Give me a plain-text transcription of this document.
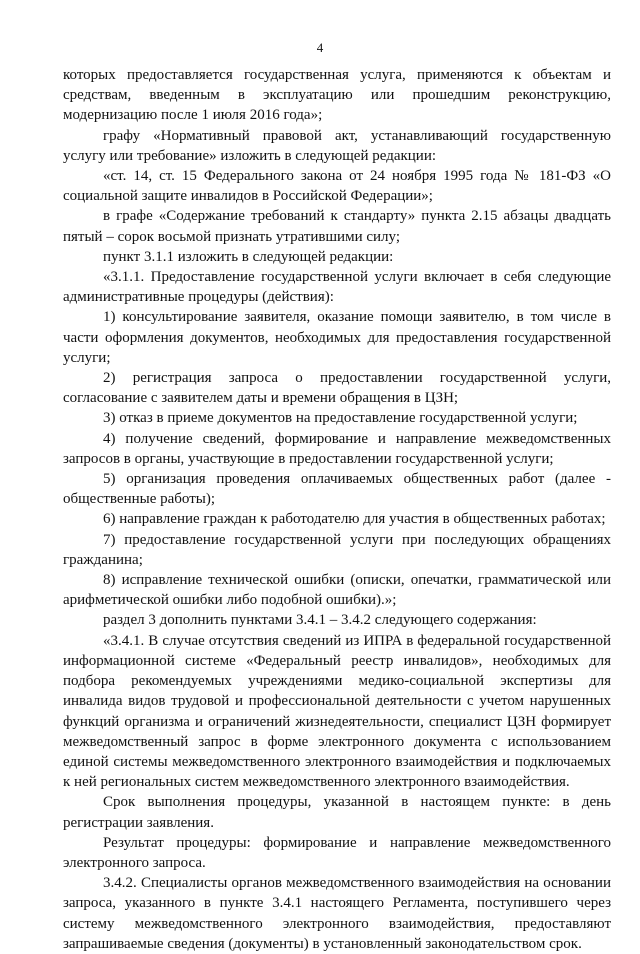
4

которых предоставляется государственная услуга, применяются к объектам и средствам, введенным в эксплуатацию или прошедшим реконструкцию, модернизацию после 1 июля 2016 года»;

графу «Нормативный правовой акт, устанавливающий государственную услугу или требование» изложить в следующей редакции:

«ст. 14, ст. 15 Федерального закона от 24 ноября 1995 года № 181-ФЗ «О социальной защите инвалидов в Российской Федерации»;

в графе «Содержание требований к стандарту» пункта 2.15 абзацы двадцать пятый – сорок восьмой признать утратившими силу;

пункт 3.1.1 изложить в следующей редакции:

«3.1.1. Предоставление государственной услуги включает в себя следующие административные процедуры (действия):

1) консультирование заявителя, оказание помощи заявителю, в том числе в части оформления документов, необходимых для предоставления государственной услуги;

2) регистрация запроса о предоставлении государственной услуги, согласование с заявителем даты и времени обращения в ЦЗН;

3) отказ в приеме документов на предоставление государственной услуги;

4) получение сведений, формирование и направление межведомственных запросов в органы, участвующие в предоставлении государственной услуги;

5) организация проведения оплачиваемых общественных работ (далее - общественные работы);

6) направление граждан к работодателю для участия в общественных работах;

7) предоставление государственной услуги при последующих обращениях гражданина;

8) исправление технической ошибки (описки, опечатки, грамматической или арифметической ошибки либо подобной ошибки).»;

раздел 3 дополнить пунктами 3.4.1 – 3.4.2 следующего содержания:

«3.4.1. В случае отсутствия сведений из ИПРА в федеральной государственной информационной системе «Федеральный реестр инвалидов», необходимых для подбора рекомендуемых учреждениями медико-социальной экспертизы для инвалида видов трудовой и профессиональной деятельности с учетом нарушенных функций организма и ограничений жизнедеятельности, специалист ЦЗН формирует межведомственный запрос в форме электронного документа с использованием единой системы межведомственного электронного взаимодействия и подключаемых к ней региональных систем межведомственного электронного взаимодействия.

Срок выполнения процедуры, указанной в настоящем пункте: в день регистрации заявления.

Результат процедуры: формирование и направление межведомственного электронного запроса.

3.4.2. Специалисты органов межведомственного взаимодействия на основании запроса, указанного в пункте 3.4.1 настоящего Регламента, поступившего через систему межведомственного электронного взаимодействия, предоставляют запрашиваемые сведения (документы) в установленный законодательством срок.
